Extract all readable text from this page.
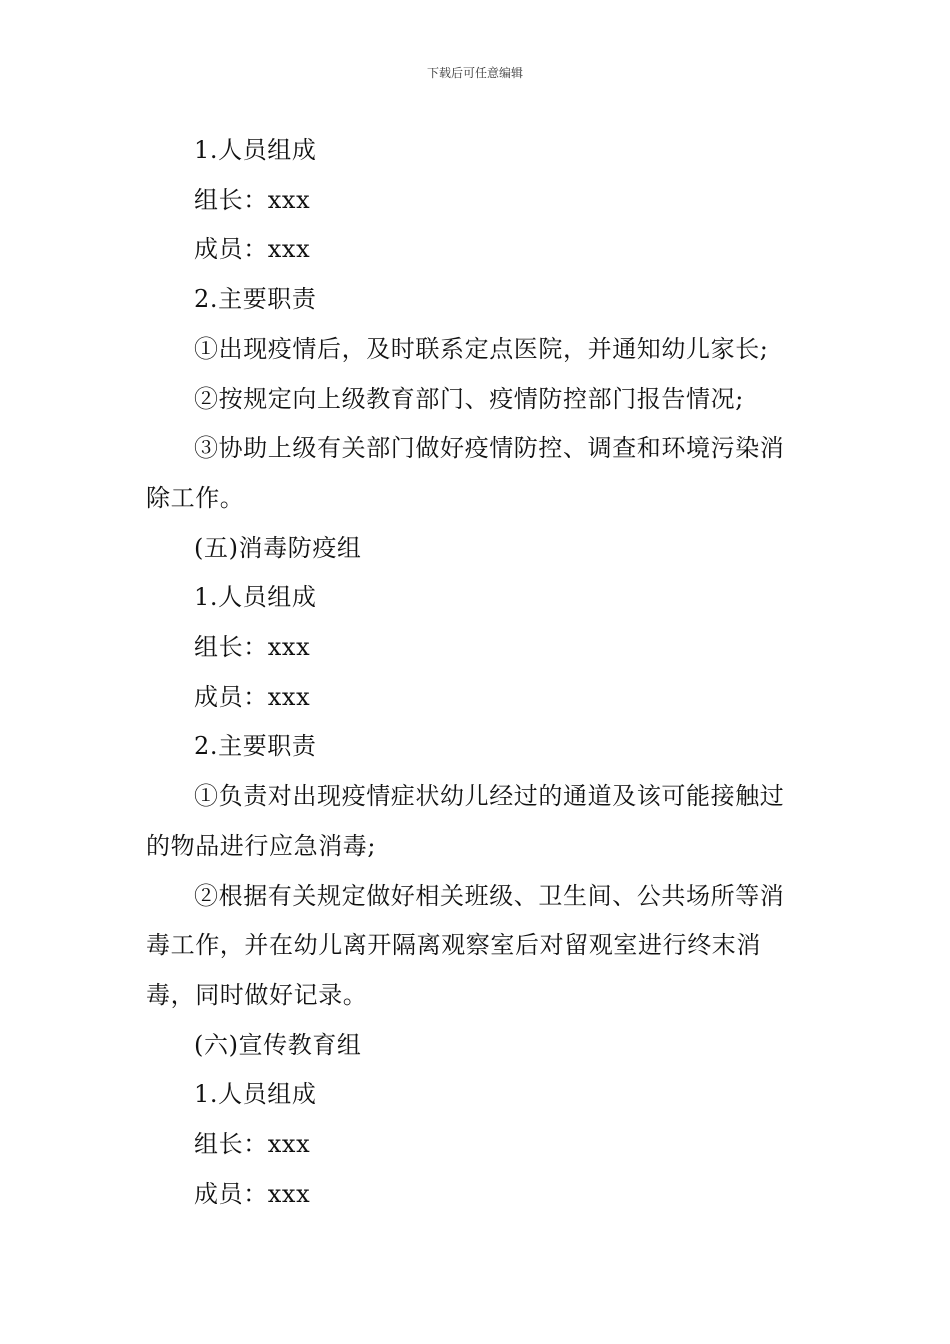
下载后可任意编辑

1.人员组成

组长：xxx

成员：xxx

2.主要职责

①出现疫情后，及时联系定点医院，并通知幼儿家长;

②按规定向上级教育部门、疫情防控部门报告情况;

③协助上级有关部门做好疫情防控、调查和环境污染消除工作。

(五)消毒防疫组

1.人员组成

组长：xxx

成员：xxx

2.主要职责

①负责对出现疫情症状幼儿经过的通道及该可能接触过的物品进行应急消毒;

②根据有关规定做好相关班级、卫生间、公共场所等消毒工作，并在幼儿离开隔离观察室后对留观室进行终末消毒，同时做好记录。

(六)宣传教育组

1.人员组成

组长：xxx

成员：xxx
